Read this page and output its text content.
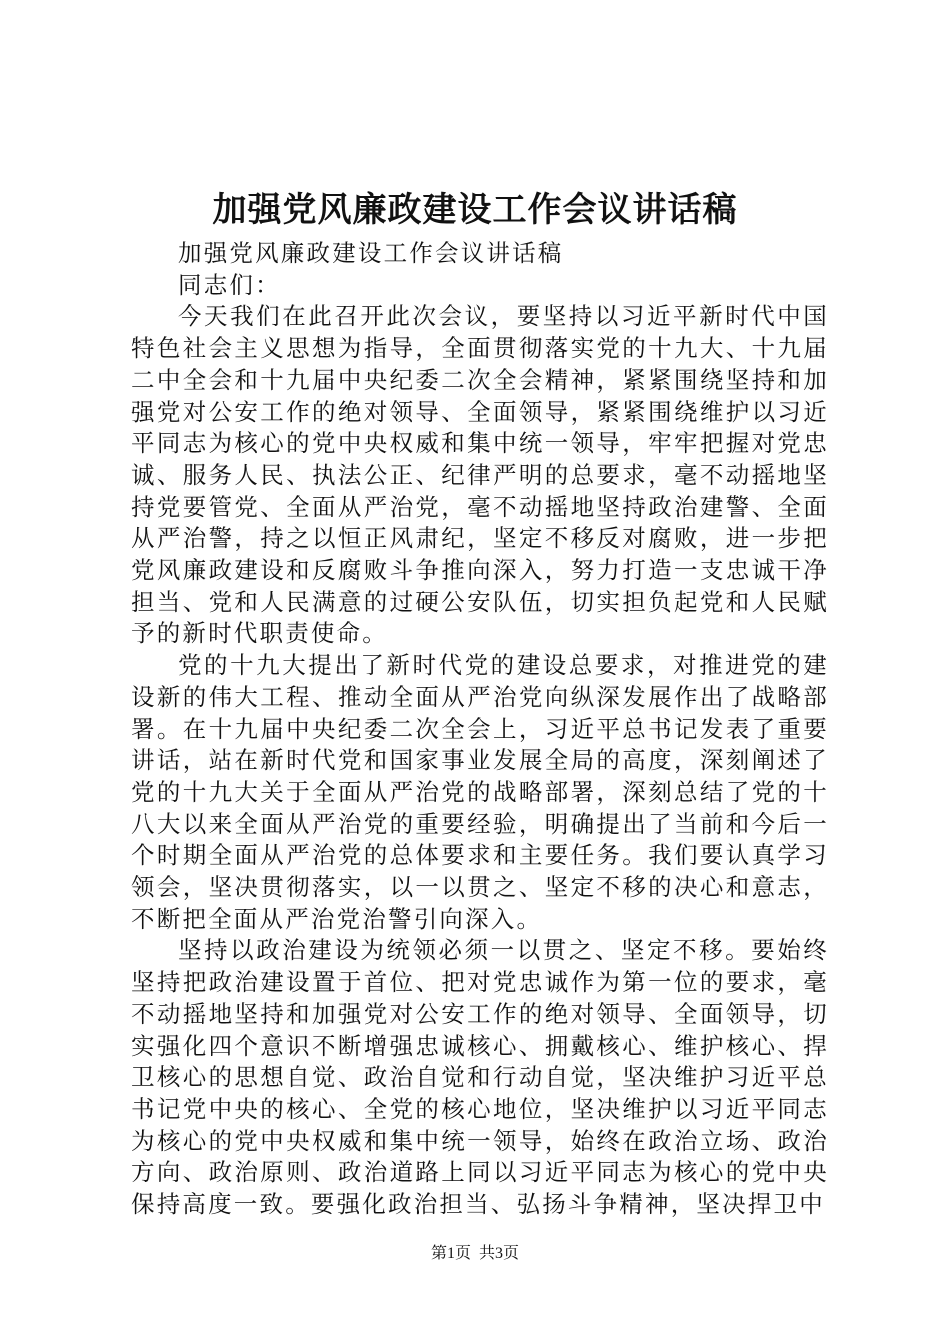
加强党风廉政建设工作会议讲话稿

加强党风廉政建设工作会议讲话稿

同志们：

今天我们在此召开此次会议，要坚持以习近平新时代中国特色社会主义思想为指导，全面贯彻落实党的十九大、十九届二中全会和十九届中央纪委二次全会精神，紧紧围绕坚持和加强党对公安工作的绝对领导、全面领导，紧紧围绕维护以习近平同志为核心的党中央权威和集中统一领导，牢牢把握对党忠诚、服务人民、执法公正、纪律严明的总要求，毫不动摇地坚持党要管党、全面从严治党，毫不动摇地坚持政治建警、全面从严治警，持之以恒正风肃纪，坚定不移反对腐败，进一步把党风廉政建设和反腐败斗争推向深入，努力打造一支忠诚干净担当、党和人民满意的过硬公安队伍，切实担负起党和人民赋予的新时代职责使命。

党的十九大提出了新时代党的建设总要求，对推进党的建设新的伟大工程、推动全面从严治党向纵深发展作出了战略部署。在十九届中央纪委二次全会上，习近平总书记发表了重要讲话，站在新时代党和国家事业发展全局的高度，深刻阐述了党的十九大关于全面从严治党的战略部署，深刻总结了党的十八大以来全面从严治党的重要经验，明确提出了当前和今后一个时期全面从严治党的总体要求和主要任务。我们要认真学习领会，坚决贯彻落实，以一以贯之、坚定不移的决心和意志，不断把全面从严治党治警引向深入。

坚持以政治建设为统领必须一以贯之、坚定不移。要始终坚持把政治建设置于首位、把对党忠诚作为第一位的要求，毫不动摇地坚持和加强党对公安工作的绝对领导、全面领导，切实强化四个意识不断增强忠诚核心、拥戴核心、维护核心、捍卫核心的思想自觉、政治自觉和行动自觉，坚决维护习近平总书记党中央的核心、全党的核心地位，坚决维护以习近平同志为核心的党中央权威和集中统一领导，始终在政治立场、政治方向、政治原则、政治道路上同以习近平同志为核心的党中央保持高度一致。要强化政治担当、弘扬斗争精神，坚决捍卫中

第1页  共3页
